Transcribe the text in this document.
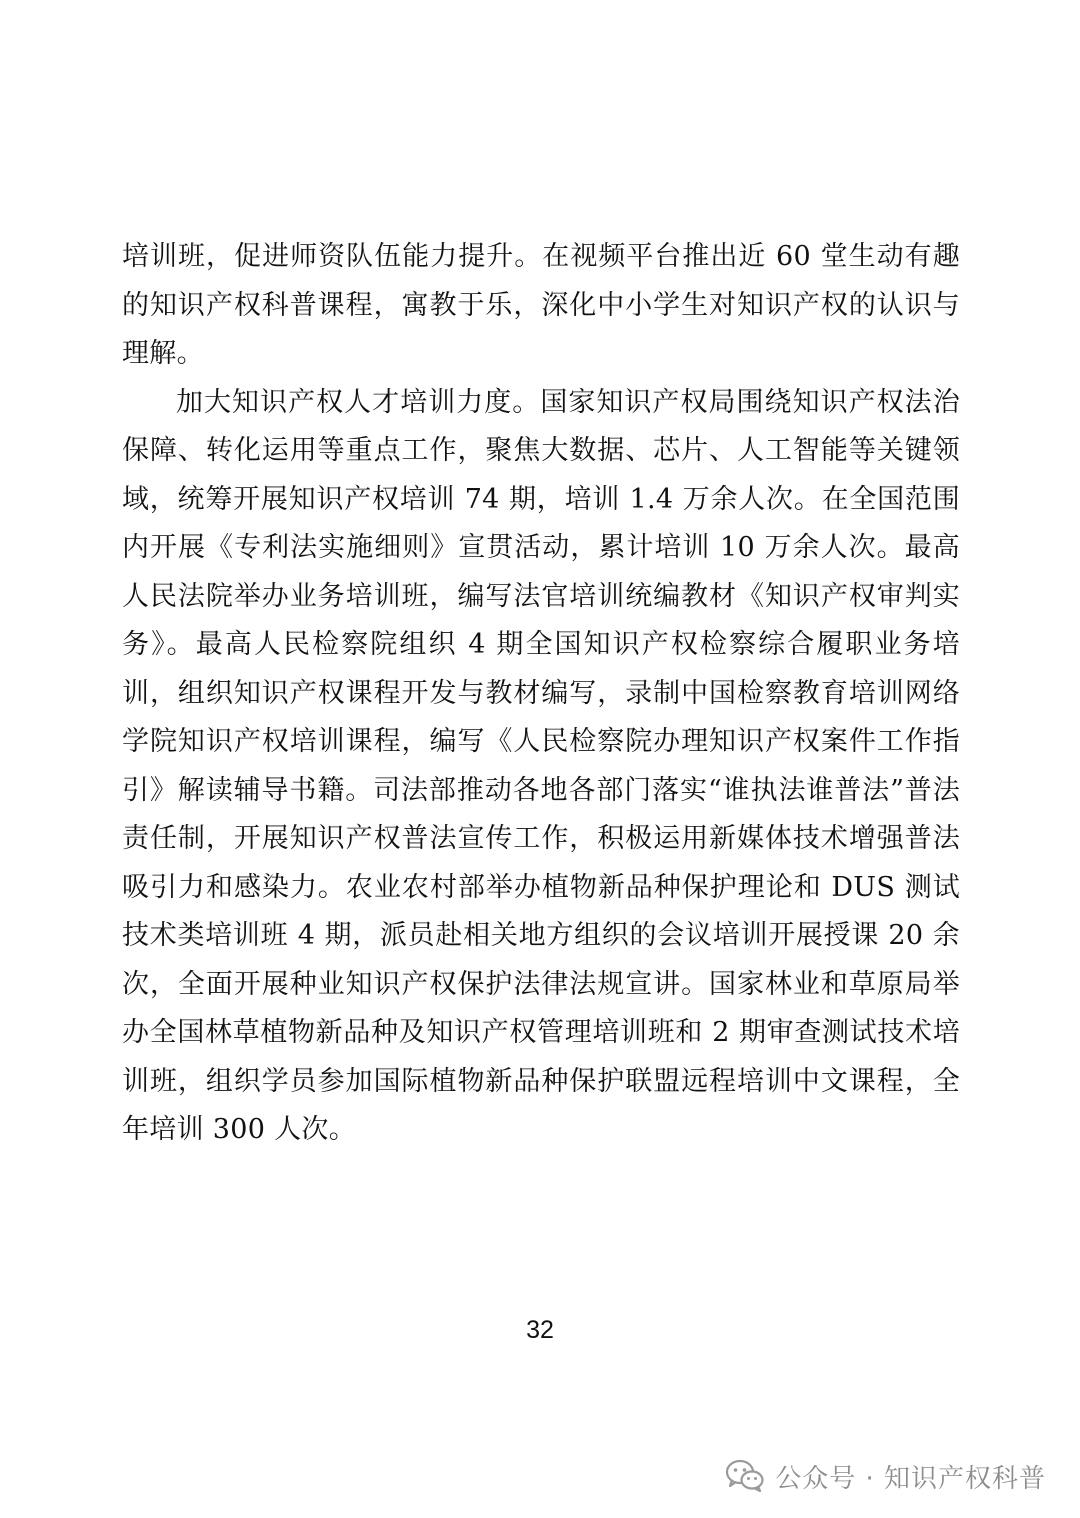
培训班，促进师资队伍能力提升。在视频平台推出近 60 堂生动有趣的知识产权科普课程，寓教于乐，深化中小学生对知识产权的认识与理解。

加大知识产权人才培训力度。国家知识产权局围绕知识产权法治保障、转化运用等重点工作，聚焦大数据、芯片、人工智能等关键领域，统筹开展知识产权培训 74 期，培训 1.4 万余人次。在全国范围内开展《专利法实施细则》宣贯活动，累计培训 10 万余人次。最高人民法院举办业务培训班，编写法官培训统编教材《知识产权审判实务》。最高人民检察院组织 4 期全国知识产权检察综合履职业务培训，组织知识产权课程开发与教材编写，录制中国检察教育培训网络学院知识产权培训课程，编写《人民检察院办理知识产权案件工作指引》解读辅导书籍。司法部推动各地各部门落实“谁执法谁普法”普法责任制，开展知识产权普法宣传工作，积极运用新媒体技术增强普法吸引力和感染力。农业农村部举办植物新品种保护理论和 DUS 测试技术类培训班 4 期，派员赴相关地方组织的会议培训开展授课 20 余次，全面开展种业知识产权保护法律法规宣讲。国家林业和草原局举办全国林草植物新品种及知识产权管理培训班和 2 期审查测试技术培训班，组织学员参加国际植物新品种保护联盟远程培训中文课程，全年培训 300 人次。

32
公众号 · 知识产权科普
